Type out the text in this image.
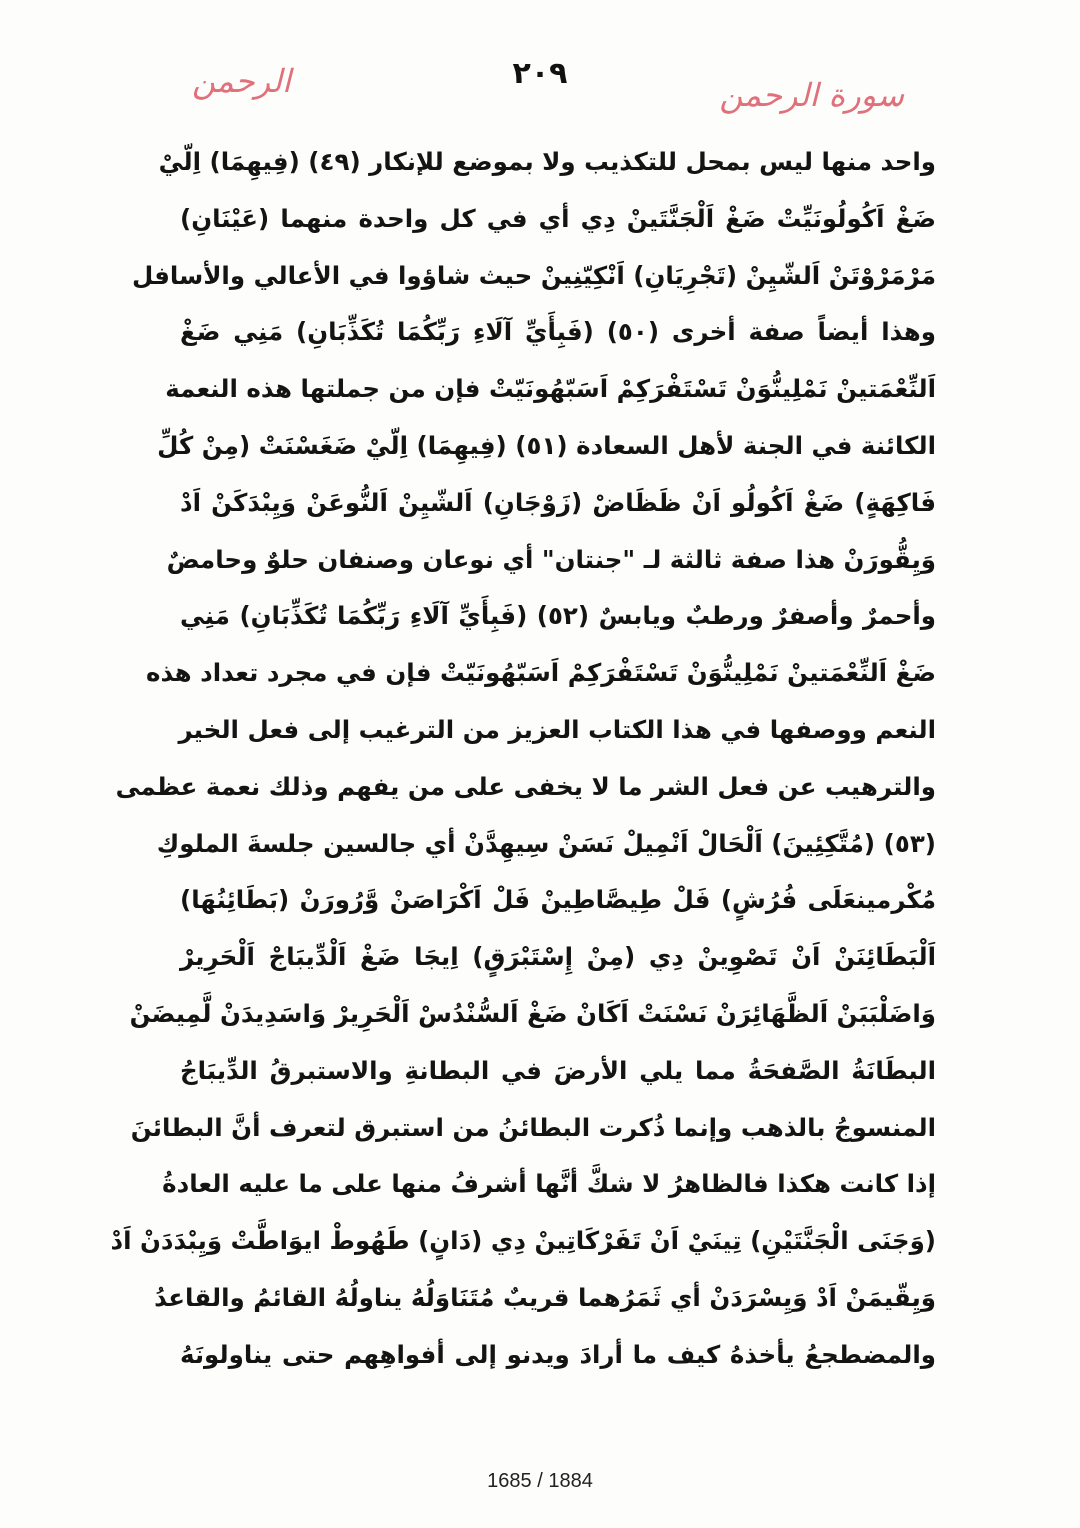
الرحمن	٢٠٩
سورة الرحمن
واحد منها ليس بمحل للتكذيب ولا بموضع للإنكار (٤٩) (فِيهِمَا) اِلّيْ
ضَغْ اَكُولُونَيِّتْ ضَغْ اَلْجَنَّتَينْ دِي أي في كل واحدة منهما (عَيْنَانِ)
مَرْمَرْوْتَنْ اَلشّيِنْ (تَجْرِيَانِ) اَنْكِيّنِينْ حيث شاؤوا في الأعالي والأسافل
وهذا أيضاً صفة أخرى (٥٠) (فَبِأَيِّ آلَاءِ رَبِّكُمَا تُكَذِّبَانِ) مَنِي ضَغْ
اَلنِّعْمَتينْ نَمْلِينُّوَنْ تَسْتَفْرَكِمْ اَسَبّهُونَيّتْ فإن من جملتها هذه النعمة
الكائنة في الجنة لأهل السعادة (٥١) (فِيهِمَا) اِلّيْ ضَغَسْنَتْ (مِنْ كُلِّ
فَاكِهَةٍ) ضَغْ اَكُولُو اَنْ ظَظَاضْ (زَوْجَانِ) اَلشّيِنْ اَلنُّوعَنْ وَيِبْدَكَنْ اَدْ
وَيِقُّورَنْ هذا صفة ثالثة لـ "جنتان" أي نوعان وصنفان حلوٌ وحامضٌ
وأحمرٌ وأصفرٌ ورطبٌ ويابسٌ (٥٢) (فَبِأَيِّ آلَاءِ رَبِّكُمَا تُكَذِّبَانِ) مَنِي
ضَغْ اَلنِّعْمَتينْ نَمْلِينُّوَنْ تَسْتَفْرَكِمْ اَسَبّهُونَيّتْ فإن في مجرد تعداد هذه
النعم ووصفها في هذا الكتاب العزيز من الترغيب إلى فعل الخير
والترهيب عن فعل الشر ما لا يخفى على من يفهم وذلك نعمة عظمى
(٥٣) (مُتَّكِئِينَ) اَلْحَالْ اَنْمِيلْ نَسَنْ سِيهِدَّنْ أي جالسين جلسةَ الملوكِ
مُكْرمينعَلَى فُرُشٍ) فَلْ طِيصَّاطِينْ فَلْ اَكْرَاصَنْ وَّرُورَنْ (بَطَائِنُهَا)
اَلْبَطَائِنَنْ اَنْ تَصْوِينْ دِي (مِنْ إِسْتَبْرَقٍ) اِيجَا ضَغْ اَلْدِّيبَاجْ اَلْحَرِيرْ
وَاضَلْبَبَنْ اَلظَّهَائِرَنْ نَسْنَتْ اَكَانْ ضَغْ اَلسُّنْدُسْ اَلْحَرِيرْ وَاسَدِيدَنْ لَّمِيضَنْ
البطَانَةُ الصَّفحَةُ مما يلي الأرضَ في البطانةِ والاستبرقُ الدِّيبَاجُ
المنسوجُ بالذهب وإنما ذُكرت البطائنُ من استبرق لتعرف أنَّ البطائنَ
إذا كانت هكذا فالظاهرُ لا شكَّ أنَّها أشرفُ منها على ما عليه العادةُ
(وَجَنَى الْجَنَّتَيْنِ) تِينَيْ اَنْ تَفَرْكَاتِينْ دِي (دَانٍ) طَهُوطْ ايوَاطَّتْ وَيِبْدَدَنْ اَدْ
وَيِقّيمَنْ اَدْ وَيِسْرَدَنْ أي ثَمَرُهما قريبٌ مُتَنَاوَلُهُ يناولُهُ القائمُ والقاعدُ
والمضطجعُ يأخذهُ كيف ما أرادَ ويدنو إلى أفواهِهم حتى يناولونَهُ
1685 / 1884
